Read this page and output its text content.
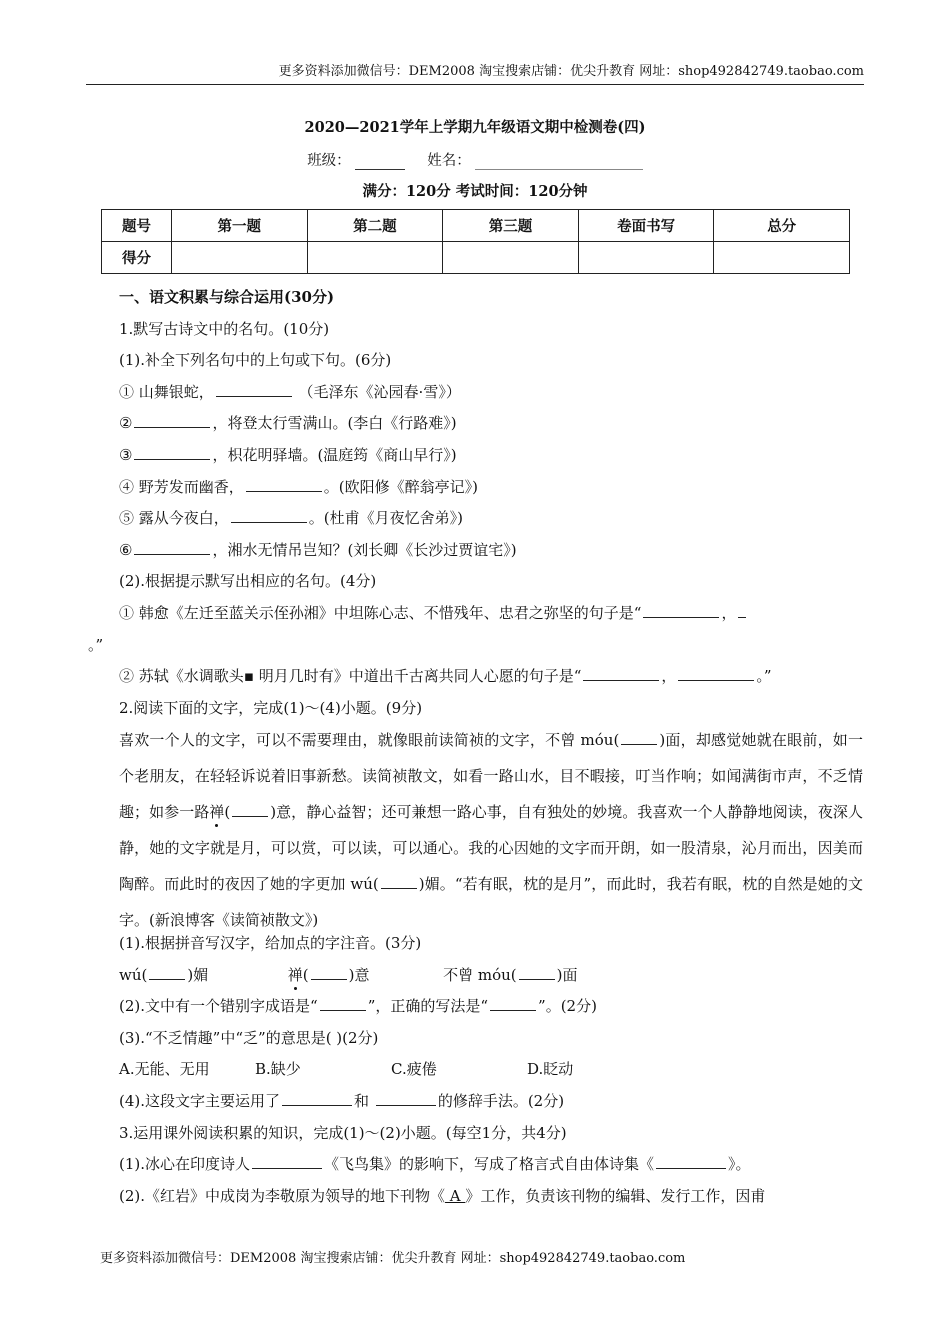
更多资料添加微信号：DEM2008 淘宝搜索店铺：优尖升教育 网址：shop492842749.taobao.com
2020—2021学年上学期九年级语文期中检测卷(四)
班级：	姓名：
满分：120分 考试时间：120分钟
题号	第一题	第二题	第三题	卷面书写	总分
得分					
一、语文积累与综合运用(30分)
1.默写古诗文中的名句。(10分)
(1).补全下列名句中的上句或下句。(6分)
① 山舞银蛇，	（毛泽东《沁园春·雪》）
②	，将登太行雪满山。(李白《行路难》)
③	，枳花明驿墙。(温庭筠《商山早行》)
④ 野芳发而幽香，	。(欧阳修《醉翁亭记》)
⑤ 露从今夜白，	。(杜甫《月夜忆舍弟》)
⑥	，湘水无情吊岂知？(刘长卿《长沙过贾谊宅》)
(2).根据提示默写出相应的名句。(4分)
① 韩愈《左迁至蓝关示侄孙湘》中坦陈心志、不惜残年、忠君之弥坚的句子是“	，
。”
② 苏轼《水调歌头▪ 明月几时有》中道出千古离共同人心愿的句子是“	，	。”
2.阅读下面的文字，完成(1)～(4)小题。(9分)
喜欢一个人的文字，可以不需要理由，就像眼前读简祯的文字，不曾 móu(	)面，却感觉她就在眼前，如一个老朋友，在轻轻诉说着旧事新愁。读简祯散文，如看一路山水，目不暇接，叮当作响；如闻满街市声，不乏情趣；如参一路禅(	)意，静心益智；还可兼想一路心事，自有独处的妙境。我喜欢一个人静静地阅读，夜深人静，她的文字就是月，可以赏，可以读，可以通心。我的心因她的文字而开朗，如一股清泉，沁月而出，因美而陶醉。而此时的夜因了她的字更加 wú(	)媚。“若有眠，枕的是月”，而此时，我若有眠，枕的自然是她的文字。(新浪博客《读简祯散文》)
(1).根据拼音写汉字，给加点的字注音。(3分)
wú(	)媚	禅(	)意	不曾 móu(	)面
(2).文中有一个错别字成语是“	”，正确的写法是“	”。(2分)
(3).“不乏情趣”中“乏”的意思是( )(2分)
A.无能、无用	B.缺少	C.疲倦	D.眨动
(4).这段文字主要运用了	和	的修辞手法。(2分)
3.运用课外阅读积累的知识，完成(1)～(2)小题。(每空1分，共4分)
(1).冰心在印度诗人	《飞鸟集》的影响下，写成了格言式自由体诗集《	》。
(2).《红岩》中成岗为李敬原为领导的地下刊物《 A 》工作，负责该刊物的编辑、发行工作，因甫
更多资料添加微信号：DEM2008 淘宝搜索店铺：优尖升教育 网址：shop492842749.taobao.com
